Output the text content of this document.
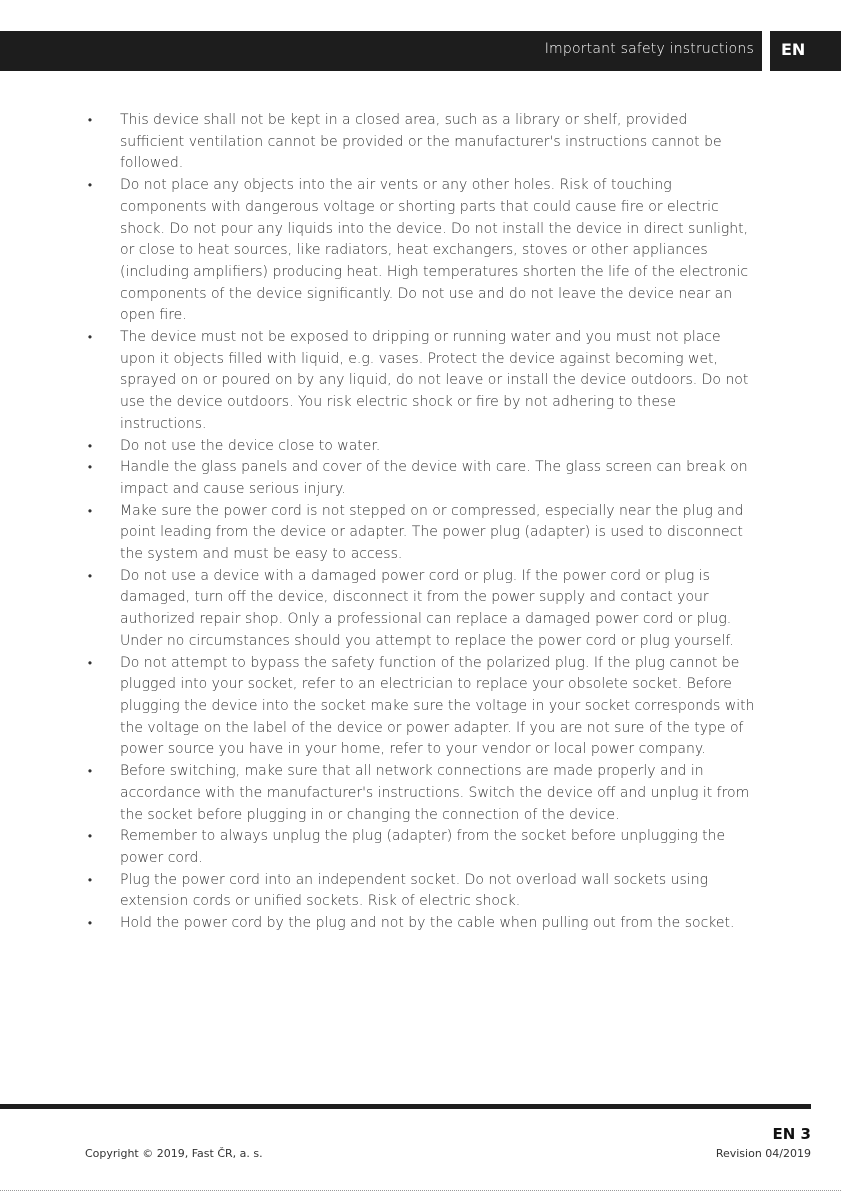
Important safety instructions EN
• This device shall not be kept in a closed area, such as a library or shelf, provided sufficient ventilation cannot be provided or the manufacturer's instructions cannot be followed.
• Do not place any objects into the air vents or any other holes. Risk of touching components with dangerous voltage or shorting parts that could cause fire or electric shock. Do not pour any liquids into the device. Do not install the device in direct sunlight, or close to heat sources, like radiators, heat exchangers, stoves or other appliances (including amplifiers) producing heat. High temperatures shorten the life of the electronic components of the device significantly. Do not use and do not leave the device near an open fire.
• The device must not be exposed to dripping or running water and you must not place upon it objects filled with liquid, e.g. vases. Protect the device against becoming wet, sprayed on or poured on by any liquid, do not leave or install the device outdoors. Do not use the device outdoors. You risk electric shock or fire by not adhering to these instructions.
• Do not use the device close to water.
• Handle the glass panels and cover of the device with care. The glass screen can break on impact and cause serious injury.
• Make sure the power cord is not stepped on or compressed, especially near the plug and point leading from the device or adapter. The power plug (adapter) is used to disconnect the system and must be easy to access.
• Do not use a device with a damaged power cord or plug. If the power cord or plug is damaged, turn off the device, disconnect it from the power supply and contact your authorized repair shop. Only a professional can replace a damaged power cord or plug. Under no circumstances should you attempt to replace the power cord or plug yourself.
• Do not attempt to bypass the safety function of the polarized plug. If the plug cannot be plugged into your socket, refer to an electrician to replace your obsolete socket. Before plugging the device into the socket make sure the voltage in your socket corresponds with the voltage on the label of the device or power adapter. If you are not sure of the type of power source you have in your home, refer to your vendor or local power company.
• Before switching, make sure that all network connections are made properly and in accordance with the manufacturer's instructions. Switch the device off and unplug it from the socket before plugging in or changing the connection of the device.
• Remember to always unplug the plug (adapter) from the socket before unplugging the power cord.
• Plug the power cord into an independent socket. Do not overload wall sockets using extension cords or unified sockets. Risk of electric shock.
• Hold the power cord by the plug and not by the cable when pulling out from the socket.
EN 3
Copyright © 2019, Fast ČR, a. s.	Revision 04/2019
